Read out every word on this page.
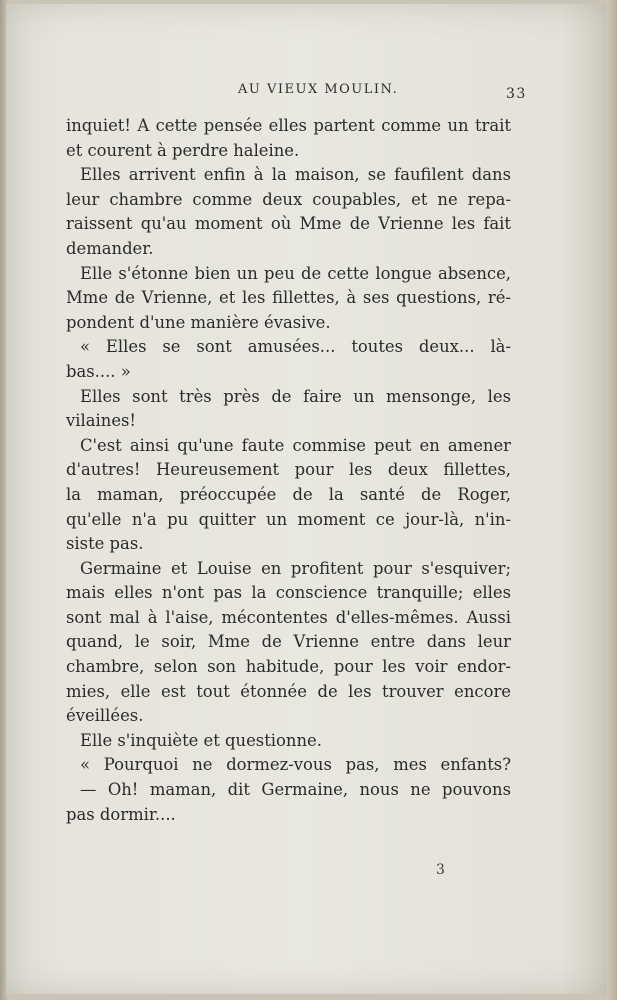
AU VIEUX MOULIN.	33
inquiet! A cette pensée elles partent comme un trait
et courent à perdre haleine.
Elles arrivent enfin à la maison, se faufilent dans
leur chambre comme deux coupables, et ne repa-
raissent qu'au moment où Mme de Vrienne les fait
demander.
Elle s'étonne bien un peu de cette longue absence,
Mme de Vrienne, et les fillettes, à ses questions, ré-
pondent d'une manière évasive.
« Elles se sont amusées... toutes deux... là-
bas.... »
Elles sont très près de faire un mensonge, les
vilaines!
C'est ainsi qu'une faute commise peut en amener
d'autres! Heureusement pour les deux fillettes,
la maman, préoccupée de la santé de Roger,
qu'elle n'a pu quitter un moment ce jour-là, n'in-
siste pas.
Germaine et Louise en profitent pour s'esquiver;
mais elles n'ont pas la conscience tranquille; elles
sont mal à l'aise, mécontentes d'elles-mêmes. Aussi
quand, le soir, Mme de Vrienne entre dans leur
chambre, selon son habitude, pour les voir endor-
mies, elle est tout étonnée de les trouver encore
éveillées.
Elle s'inquiète et questionne.
« Pourquoi ne dormez-vous pas, mes enfants?
— Oh! maman, dit Germaine, nous ne pouvons
pas dormir....
3
